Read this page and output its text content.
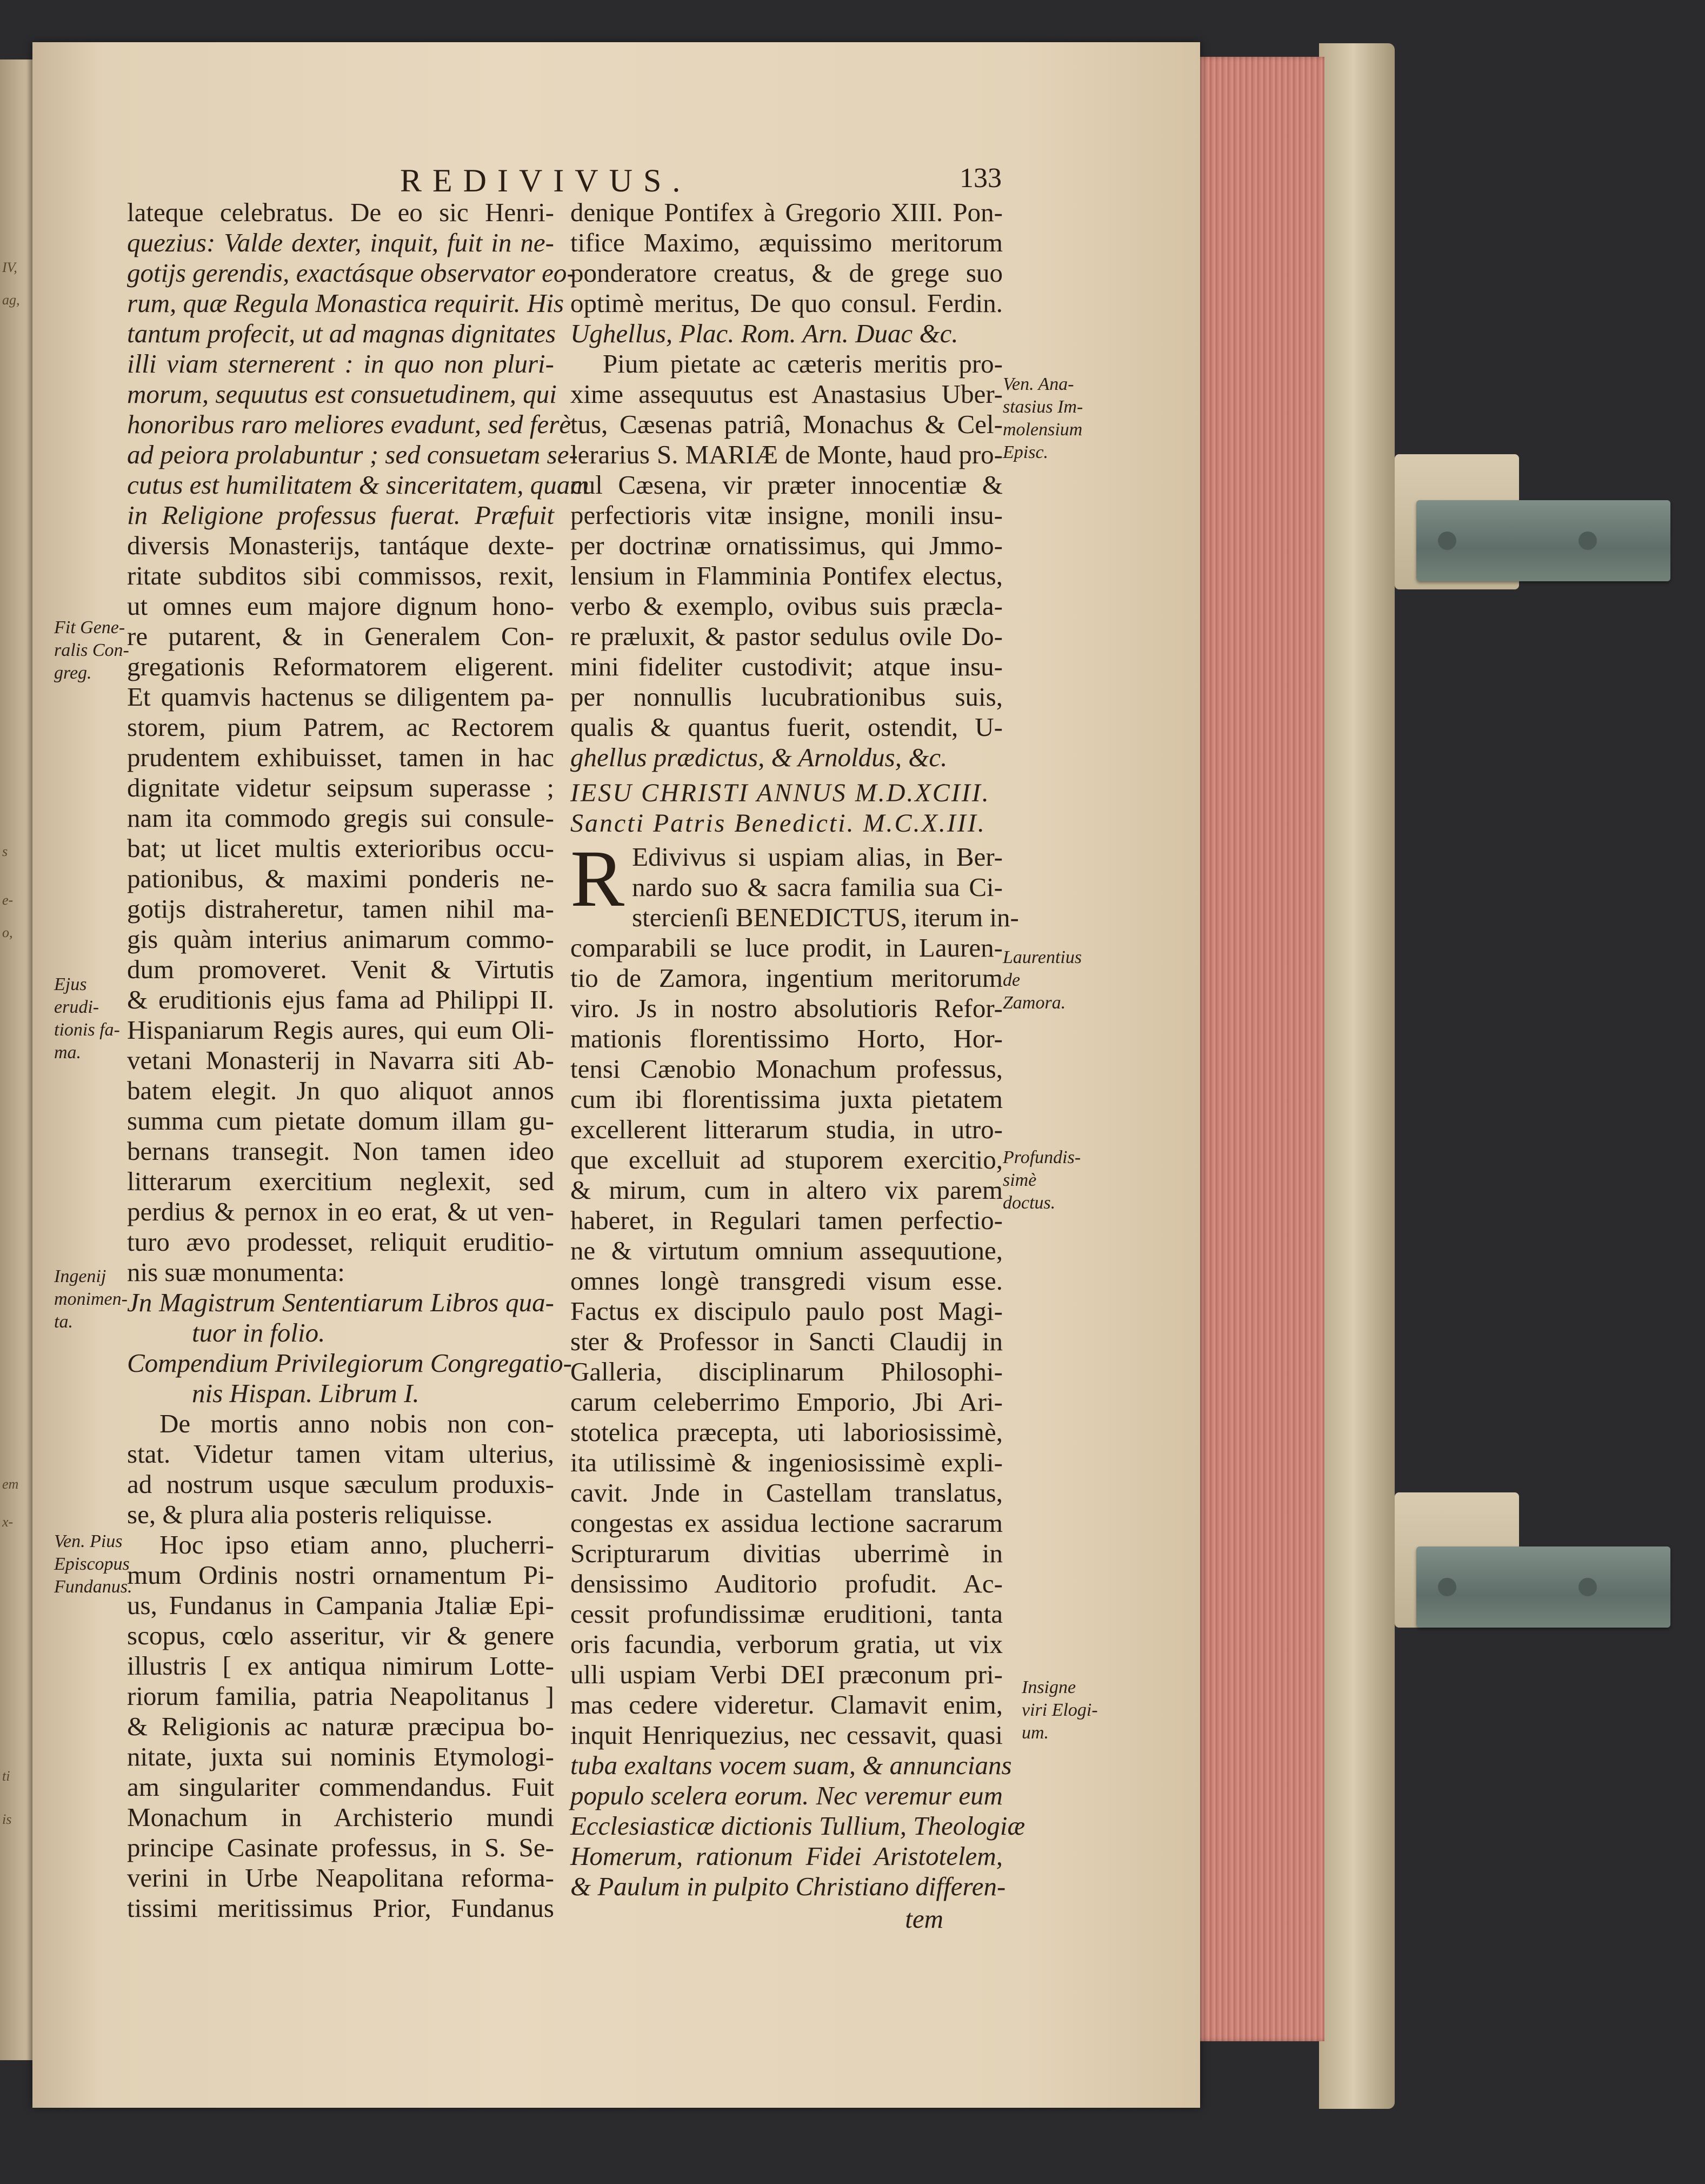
IV,
ag,
s
e-
o,
em
x-
ti
is
REDIVIVUS.	133
lateque celebratus. De eo sic Henri-
quezius: Valde dexter, inquit, fuit in ne-
gotijs gerendis, exactásque observator eo-
rum, quæ Regula Monastica requirit. His
tantum profecit, ut ad magnas dignitates
illi viam sternerent : in quo non pluri-
morum, sequutus est consuetudinem, qui
honoribus raro meliores evadunt, sed ferè
ad peiora prolabuntur ; sed consuetam se-
cutus est humilitatem & sinceritatem, quam
in Religione professus fuerat. Præfuit
diversis Monasterijs, tantáque dexte-
ritate subditos sibi commissos, rexit,
ut omnes eum majore dignum hono-
re putarent, & in Generalem Con-
gregationis Reformatorem eligerent.
Et quamvis hactenus se diligentem pa-
storem, pium Patrem, ac Rectorem
prudentem exhibuisset, tamen in hac
dignitate videtur seipsum superasse ;
nam ita commodo gregis sui consule-
bat; ut licet multis exterioribus occu-
pationibus, & maximi ponderis ne-
gotijs distraheretur, tamen nihil ma-
gis quàm interius animarum commo-
dum promoveret. Venit & Virtutis
& eruditionis ejus fama ad Philippi II.
Hispaniarum Regis aures, qui eum Oli-
vetani Monasterij in Navarra siti Ab-
batem elegit. Jn quo aliquot annos
summa cum pietate domum illam gu-
bernans transegit. Non tamen ideo
litterarum exercitium neglexit, sed
perdius & pernox in eo erat, & ut ven-
turo ævo prodesset, reliquit eruditio-
nis suæ monumenta:
Jn Magistrum Sententiarum Libros qua-
tuor in folio.
Compendium Privilegiorum Congregatio-
nis Hispan. Librum I.
De mortis anno nobis non con-
stat. Videtur tamen vitam ulterius,
ad nostrum usque sæculum produxis-
se, & plura alia posteris reliquisse.
Hoc ipso etiam anno, plucherri-
mum Ordinis nostri ornamentum Pi-
us, Fundanus in Campania Jtaliæ Epi-
scopus, cœlo asseritur, vir & genere
illustris [ ex antiqua nimirum Lotte-
riorum familia, patria Neapolitanus ]
& Religionis ac naturæ præcipua bo-
nitate, juxta sui nominis Etymologi-
am singulariter commendandus. Fuit
Monachum in Archisterio mundi
principe Casinate professus, in S. Se-
verini in Urbe Neapolitana reforma-
tissimi meritissimus Prior, Fundanus
denique Pontifex à Gregorio XIII. Pon-
tifice Maximo, æquissimo meritorum
ponderatore creatus, & de grege suo
optimè meritus, De quo consul. Ferdin.
Ughellus, Plac. Rom. Arn. Duac &c.
Pium pietate ac cæteris meritis pro-
xime assequutus est Anastasius Uber-
tus, Cæsenas patriâ, Monachus & Cel-
lerarius S. MARIÆ de Monte, haud pro-
cul Cæsena, vir præter innocentiæ &
perfectioris vitæ insigne, monili insu-
per doctrinæ ornatissimus, qui Jmmo-
lensium in Flamminia Pontifex electus,
verbo & exemplo, ovibus suis præcla-
re præluxit, & pastor sedulus ovile Do-
mini fideliter custodivit; atque insu-
per nonnullis lucubrationibus suis,
qualis & quantus fuerit, ostendit, U-
ghellus prædictus, & Arnoldus, &c.
IESU CHRISTI ANNUS M.D.XCIII.
Sancti Patris Benedicti. M.C.X.III.
R Edivivus si uspiam alias, in Ber-
nardo suo & sacra familia sua Ci-
stercienſi BENEDICTUS, iterum in-
comparabili se luce prodit, in Lauren-
tio de Zamora, ingentium meritorum
viro. Js in nostro absolutioris Refor-
mationis florentissimo Horto, Hor-
tensi Cænobio Monachum professus,
cum ibi florentissima juxta pietatem
excellerent litterarum studia, in utro-
que excelluit ad stuporem exercitio,
& mirum, cum in altero vix parem
haberet, in Regulari tamen perfectio-
ne & virtutum omnium assequutione,
omnes longè transgredi visum esse.
Factus ex discipulo paulo post Magi-
ster & Professor in Sancti Claudij in
Galleria, disciplinarum Philosophi-
carum celeberrimo Emporio, Jbi Ari-
stotelica præcepta, uti laboriosissimè,
ita utilissimè & ingeniosissimè expli-
cavit. Jnde in Castellam translatus,
congestas ex assidua lectione sacrarum
Scripturarum divitias uberrimè in
densissimo Auditorio profudit. Ac-
cessit profundissimæ eruditioni, tanta
oris facundia, verborum gratia, ut vix
ulli uspiam Verbi DEI præconum pri-
mas cedere videretur. Clamavit enim,
inquit Henriquezius, nec cessavit, quasi
tuba exaltans vocem suam, & annuncians
populo scelera eorum. Nec veremur eum
Ecclesiasticæ dictionis Tullium, Theologiæ
Homerum, rationum Fidei Aristotelem,
& Paulum in pulpito Christiano differen-
tem
Fit Gene-
ralis Con-
greg.
Ejus erudi-
tionis fa-
ma.
Ingenij
monimen-
ta.
Ven. Pius
Episcopus
Fundanus.
Ven. Ana-
stasius Im-
molensium
Episc.
Laurentius
de Zamora.
Profundis-
simè doctus.
Insigne
viri Elogi-
um.
